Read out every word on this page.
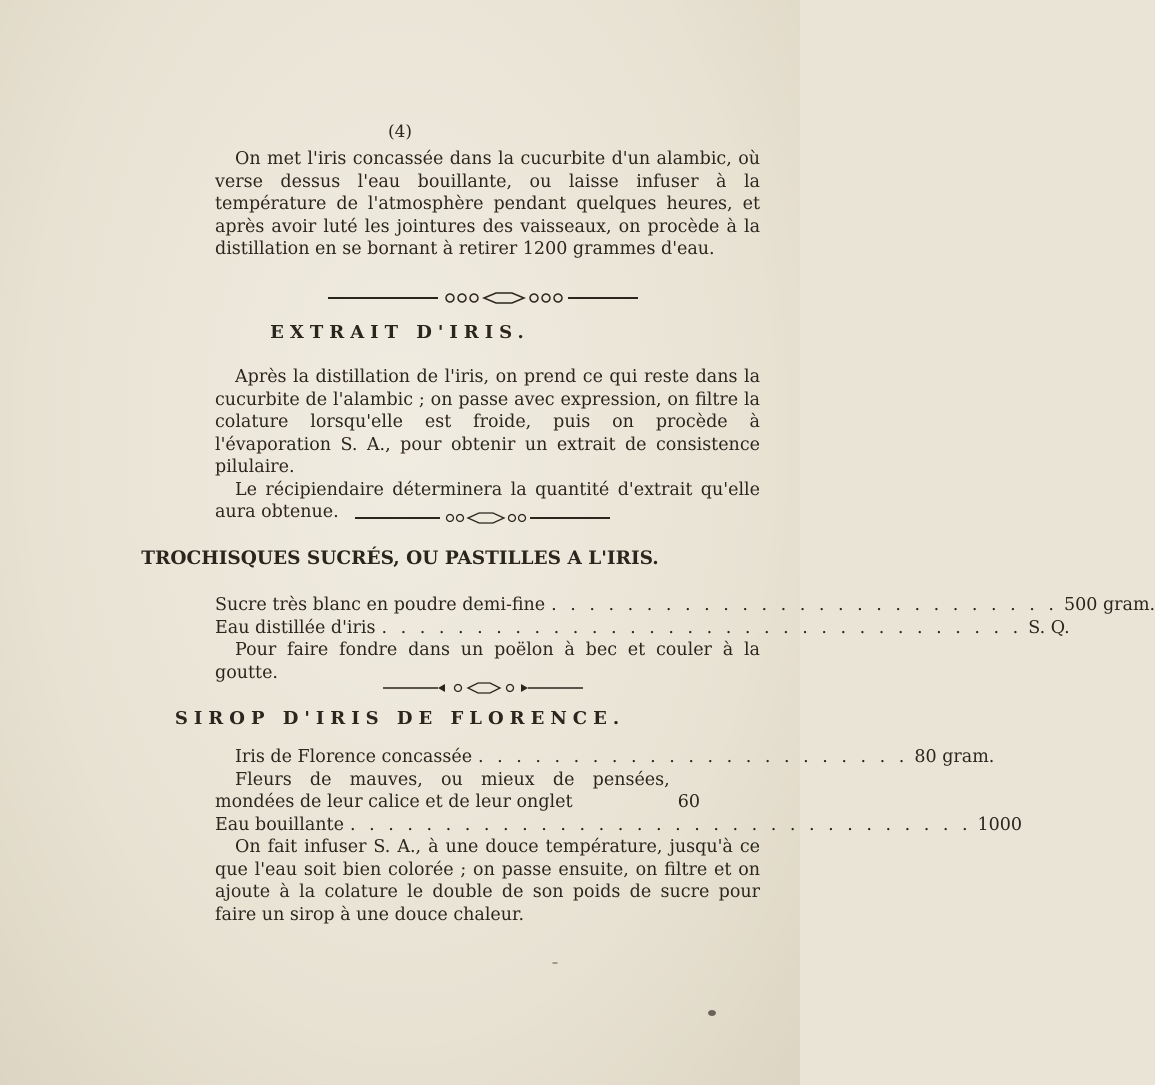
(4)

On met l'iris concassée dans la cucurbite d'un alambic, où verse dessus l'eau bouillante, ou laisse infuser à la température de l'atmosphère pendant quelques heures, et après avoir luté les jointures des vaisseaux, on procède à la distillation en se bornant à retirer 1200 grammes d'eau.

EXTRAIT D'IRIS.

Après la distillation de l'iris, on prend ce qui reste dans la cucurbite de l'alambic ; on passe avec expression, on filtre la colature lorsqu'elle est froide, puis on procède à l'évaporation S. A., pour obtenir un extrait de consistence pilulaire.

Le récipiendaire déterminera la quantité d'extrait qu'elle aura obtenue.

TROCHISQUES SUCRÉS, OU PASTILLES A L'IRIS.
Sucre très blanc en poudre demi-fine . . . . . . . . . . . . . . . . . . . . . . . . . . . 500 gram.
Eau distillée d'iris . . . . . . . . . . . . . . . . . . . . . . . . . . . . . . . . . . S. Q.

Pour faire fondre dans un poëlon à bec et couler à la goutte.

SIROP D'IRIS DE FLORENCE.
Iris de Florence concassée . . . . . . . . . . . . . . . . . . . . . . . 80 gram.
Fleurs de mauves, ou mieux de pensées, mondées de leur calice et de leur onglet	60
Eau bouillante . . . . . . . . . . . . . . . . . . . . . . . . . . . . . . . . . 1000

On fait infuser S. A., à une douce température, jusqu'à ce que l'eau soit bien colorée ; on passe ensuite, on filtre et on ajoute à la colature le double de son poids de sucre pour faire un sirop à une douce chaleur.
